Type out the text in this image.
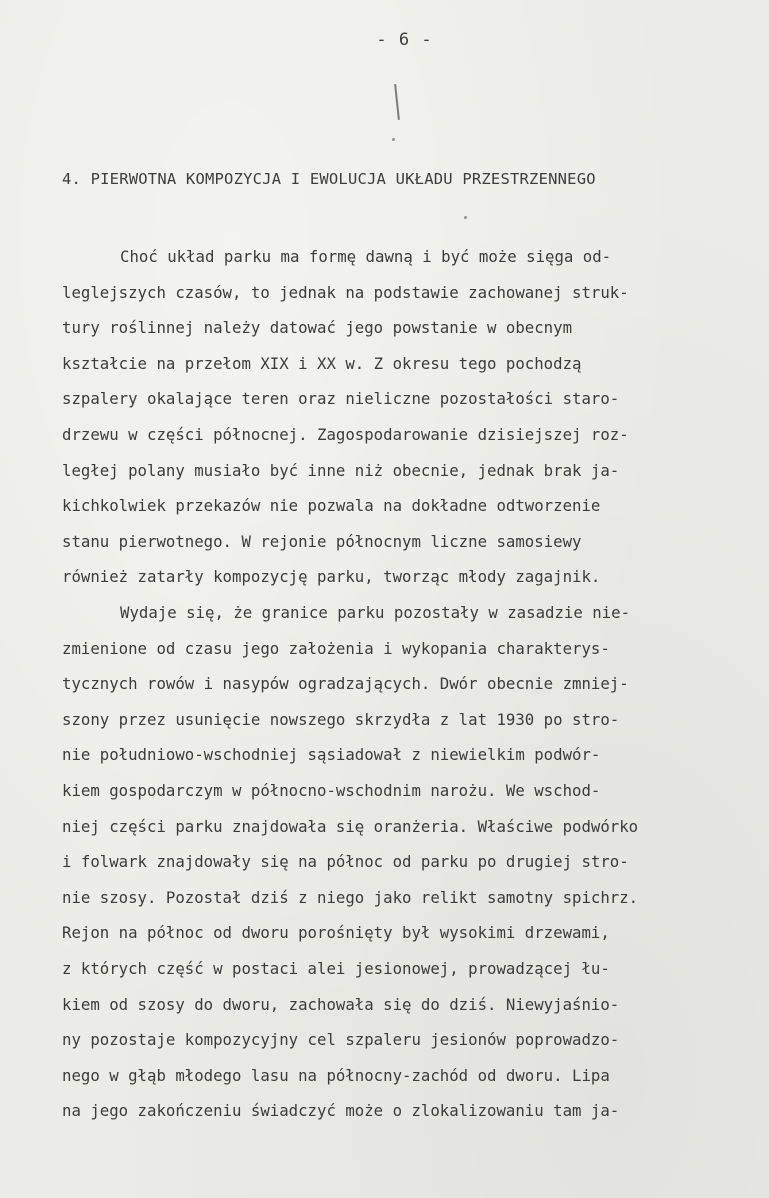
- 6 -
4. PIERWOTNA KOMPOZYCJA I EWOLUCJA UKŁADU PRZESTRZENNEGO
Choć układ parku ma formę dawną i być może sięga od-
leglejszych czasów, to jednak na podstawie zachowanej struk-
tury roślinnej należy datować jego powstanie w obecnym
kształcie na przełom XIX i XX w. Z okresu tego pochodzą
szpalery okalające teren oraz nieliczne pozostałości staro-
drzewu w części północnej. Zagospodarowanie dzisiejszej roz-
ległej polany musiało być inne niż obecnie, jednak brak ja-
kichkolwiek przekazów nie pozwala na dokładne odtworzenie
stanu pierwotnego. W rejonie północnym liczne samosiewy
również zatarły kompozycję parku, tworząc młody zagajnik.
Wydaje się, że granice parku pozostały w zasadzie nie-
zmienione od czasu jego założenia i wykopania charakterys-
tycznych rowów i nasypów ogradzających. Dwór obecnie zmniej-
szony przez usunięcie nowszego skrzydła z lat 1930 po stro-
nie południowo-wschodniej sąsiadował z niewielkim podwór-
kiem gospodarczym w północno-wschodnim narożu. We wschod-
niej części parku znajdowała się oranżeria. Właściwe podwórko
i folwark znajdowały się na północ od parku po drugiej stro-
nie szosy. Pozostał dziś z niego jako relikt samotny spichrz.
Rejon na północ od dworu porośnięty był wysokimi drzewami,
z których część w postaci alei jesionowej, prowadzącej łu-
kiem od szosy do dworu, zachowała się do dziś. Niewyjaśnio-
ny pozostaje kompozycyjny cel szpaleru jesionów poprowadzo-
nego w głąb młodego lasu na północny-zachód od dworu. Lipa
na jego zakończeniu świadczyć może o zlokalizowaniu tam ja-
